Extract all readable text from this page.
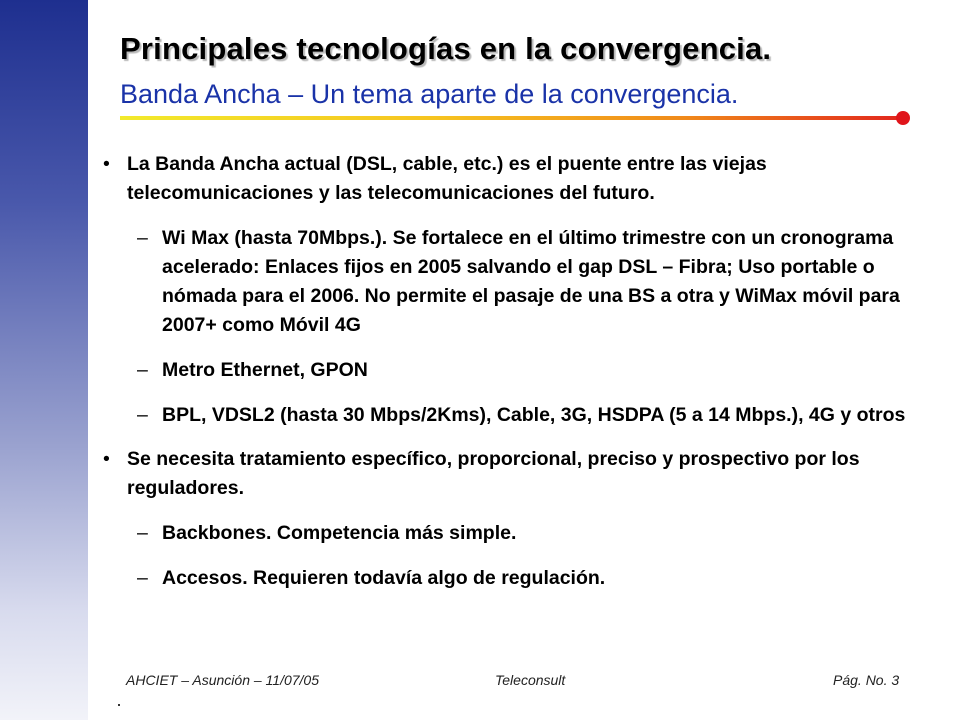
Principales tecnologías en la convergencia.
Banda Ancha – Un tema aparte de la convergencia.
• La Banda Ancha actual (DSL, cable, etc.) es el puente entre las viejas telecomunicaciones y las telecomunicaciones del futuro.
– Wi Max (hasta 70Mbps.). Se fortalece en el último trimestre con un cronograma acelerado: Enlaces fijos en 2005 salvando el gap DSL – Fibra; Uso portable o nómada para el 2006. No permite el pasaje de una BS a otra y WiMax móvil para 2007+ como Móvil 4G
– Metro Ethernet, GPON
– BPL, VDSL2 (hasta 30 Mbps/2Kms), Cable, 3G, HSDPA (5 a 14 Mbps.), 4G y otros
• Se necesita tratamiento específico, proporcional, preciso y prospectivo por los reguladores.
– Backbones. Competencia más simple.
– Accesos. Requieren todavía algo de regulación.
AHCIET – Asunción – 11/07/05	Teleconsult	Pág. No. 3
